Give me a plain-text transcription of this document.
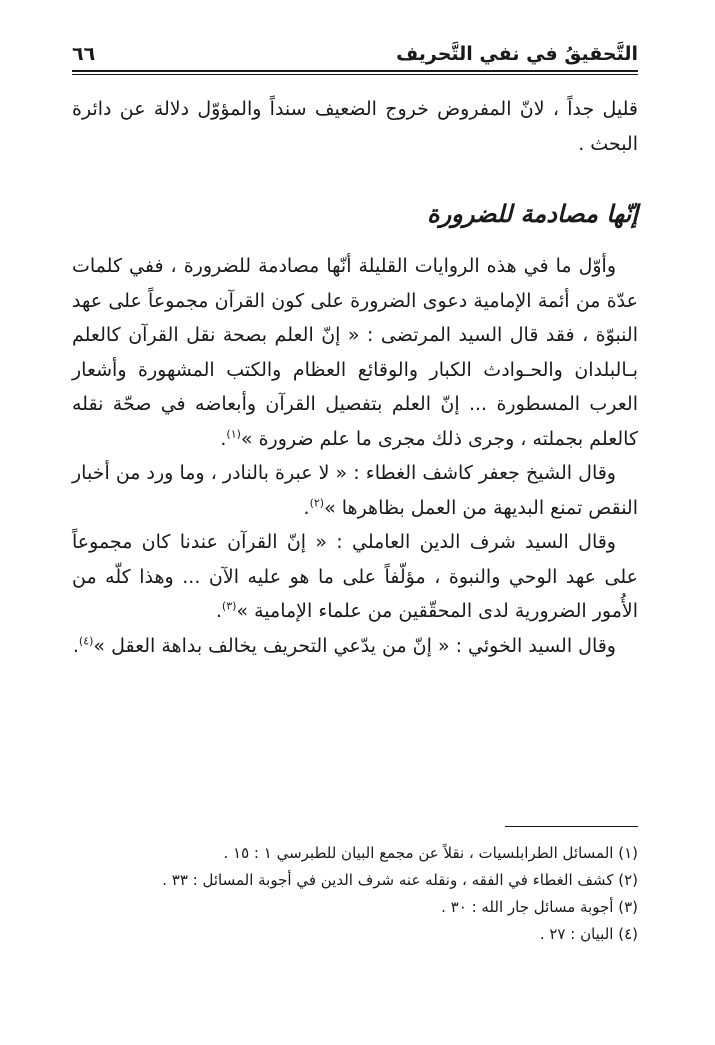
التَّحقيقُ في نفي التَّحريف
٦٦

قليل جداً ، لانّ المفروض خروج الضعيف سنداً والمؤوّل دلالة عن دائرة البحث .

إنّها مصادمة للضرورة

وأوّل ما في هذه الروايات القليلة أنّها مصادمة للضرورة ، ففي كلمات عدّة من أئمة الإمامية دعوى الضرورة على كون القرآن مجموعاً على عهد النبوّة ، فقد قال السيد المرتضى : « إنّ العلم بصحة نقل القرآن كالعلم بـالبلدان والحـوادث الكبار والوقائع العظام والكتب المشهورة وأشعار العرب المسطورة ... إنّ العلم بتفصيل القرآن وأبعاضه في صحّة نقله كالعلم بجملته ، وجرى ذلك مجرى ما علم ضرورة »$^{(١)}$.

وقال الشيخ جعفر كاشف الغطاء : « لا عبرة بالنادر ، وما ورد من أخبار النقص تمنع البديهة من العمل بظاهرها »$^{(٢)}$.

وقال السيد شرف الدين العاملي : « إنّ القرآن عندنا كان مجموعاً على عهد الوحي والنبوة ، مؤلّفاً على ما هو عليه الآن ... وهذا كلّه من الأُمور الضرورية لدى المحقّقين من علماء الإمامية »$^{(٣)}$.

وقال السيد الخوئي : « إنّ من يدّعي التحريف يخالف بداهة العقل »$^{(٤)}$.

(١) المسائل الطرابلسيات ، نقلاً عن مجمع البيان للطبرسي ١ : ١٥ .

(٢) كشف الغطاء في الفقه ، ونقله عنه شرف الدين في أجوبة المسائل : ٣٣ .

(٣) أجوبة مسائل جار الله : ٣٠ .

(٤) البيان : ٢٧ .
